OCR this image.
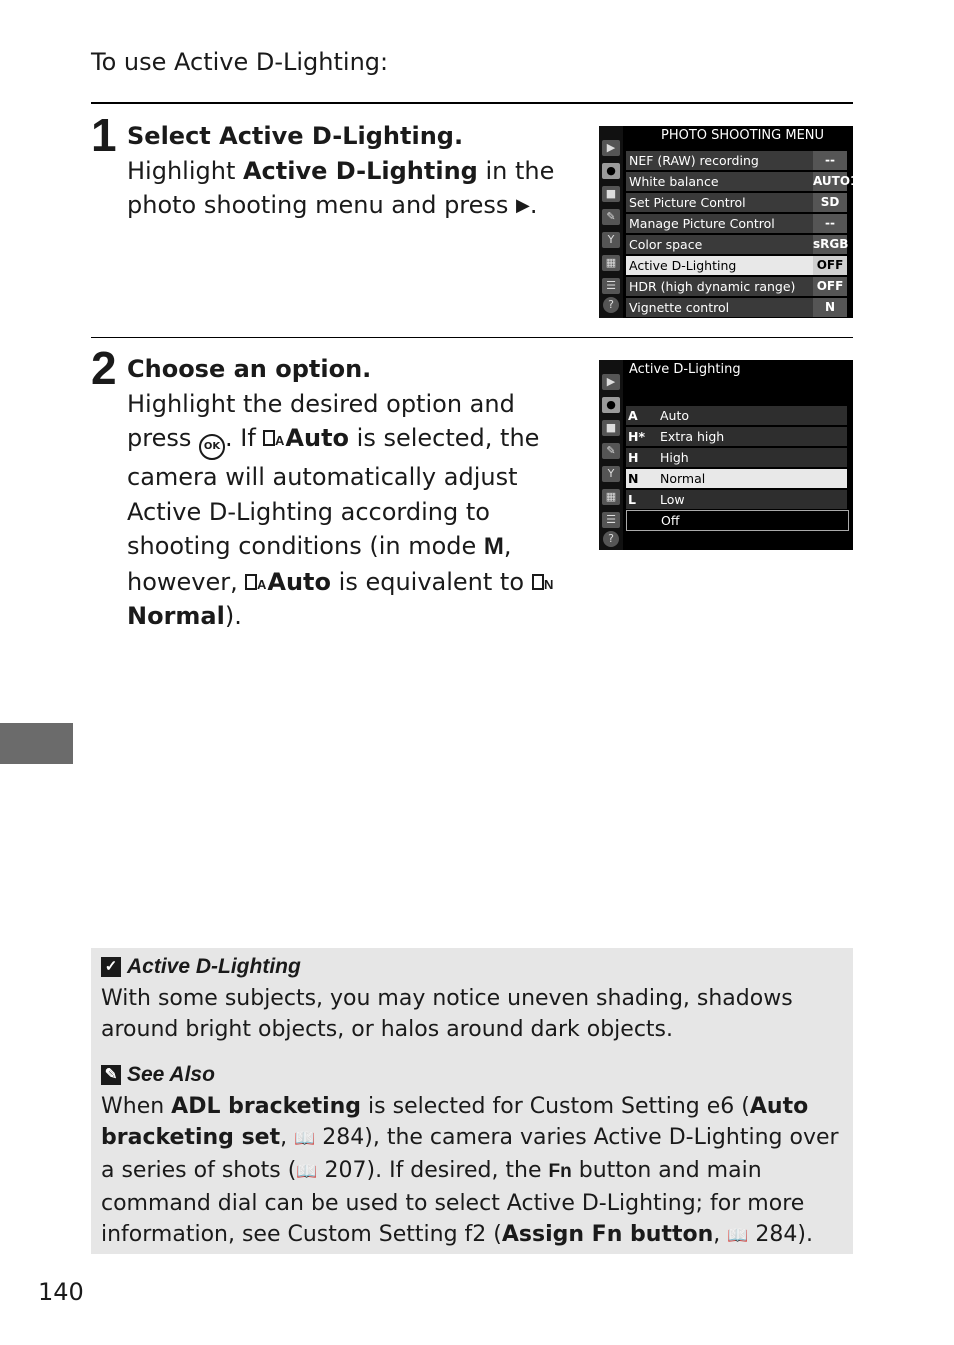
To use Active D-Lighting:
1 Select Active D-Lighting.
Highlight Active D-Lighting in the photo shooting menu and press ▶.
▶
●
■
✎
Y
▦
☰
?
PHOTO SHOOTING MENU
NEF (RAW) recording	--
White balance	AUTO1
Set Picture Control	SD
Manage Picture Control	--
Color space	sRGB
Active D-Lighting	OFF
HDR (high dynamic range)	OFF
Vignette control	N
2 Choose an option.
Highlight the desired option and press OK . If A Auto is selected, the camera will automatically adjust Active D-Lighting according to shooting conditions (in mode M, however, A Auto is equivalent to N
Normal).
▶
●
■
✎
Y
▦
☰
?
Active D-Lighting
A Auto
H* Extra high
H High
N Normal
L Low
Off
✓ Active D-Lighting
With some subjects, you may notice uneven shading, shadows around bright objects, or halos around dark objects.
✎ See Also
When ADL bracketing is selected for Custom Setting e6 (Auto bracketing set, 📖 284), the camera varies Active D-Lighting over a series of shots (📖 207). If desired, the Fn button and main command dial can be used to select Active D-Lighting; for more information, see Custom Setting f2 (Assign Fn button, 📖 284).
140
